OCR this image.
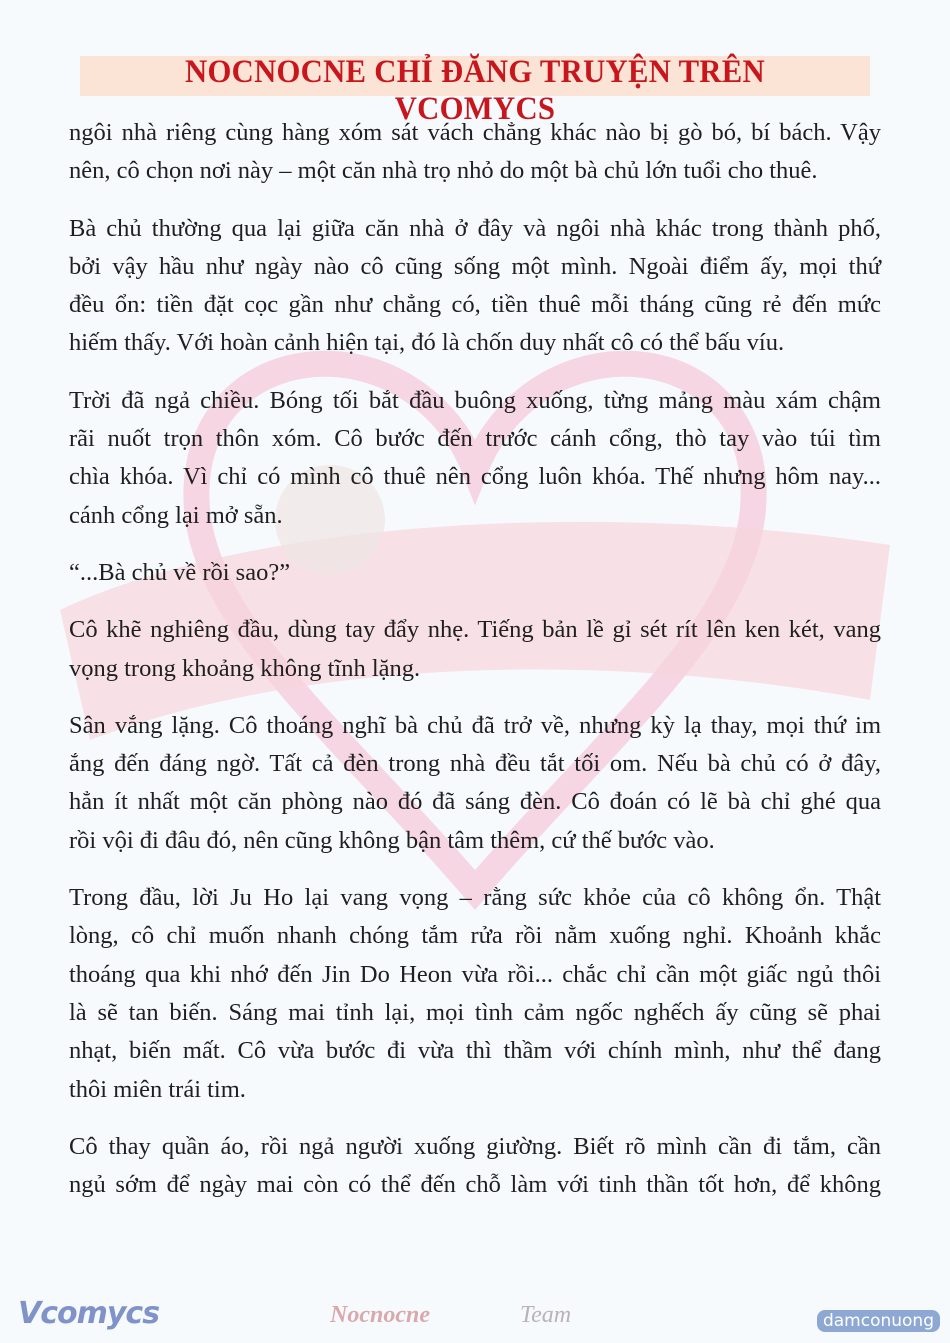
NOCNOCNE CHỈ ĐĂNG TRUYỆN TRÊN VCOMYCS
ngôi nhà riêng cùng hàng xóm sát vách chẳng khác nào bị gò bó, bí bách. Vậy
nên, cô chọn nơi này – một căn nhà trọ nhỏ do một bà chủ lớn tuổi cho thuê.
Bà chủ thường qua lại giữa căn nhà ở đây và ngôi nhà khác trong thành phố,
bởi vậy hầu như ngày nào cô cũng sống một mình. Ngoài điểm ấy, mọi thứ
đều ổn: tiền đặt cọc gần như chẳng có, tiền thuê mỗi tháng cũng rẻ đến mức
hiếm thấy. Với hoàn cảnh hiện tại, đó là chốn duy nhất cô có thể bấu víu.
Trời đã ngả chiều. Bóng tối bắt đầu buông xuống, từng mảng màu xám chậm
rãi nuốt trọn thôn xóm. Cô bước đến trước cánh cổng, thò tay vào túi tìm
chìa khóa. Vì chỉ có mình cô thuê nên cổng luôn khóa. Thế nhưng hôm nay...
cánh cổng lại mở sẵn.
“...Bà chủ về rồi sao?”
Cô khẽ nghiêng đầu, dùng tay đẩy nhẹ. Tiếng bản lề gỉ sét rít lên ken két, vang
vọng trong khoảng không tĩnh lặng.
Sân vắng lặng. Cô thoáng nghĩ bà chủ đã trở về, nhưng kỳ lạ thay, mọi thứ im
ắng đến đáng ngờ. Tất cả đèn trong nhà đều tắt tối om. Nếu bà chủ có ở đây,
hẳn ít nhất một căn phòng nào đó đã sáng đèn. Cô đoán có lẽ bà chỉ ghé qua
rồi vội đi đâu đó, nên cũng không bận tâm thêm, cứ thế bước vào.
Trong đầu, lời Ju Ho lại vang vọng – rằng sức khỏe của cô không ổn. Thật
lòng, cô chỉ muốn nhanh chóng tắm rửa rồi nằm xuống nghỉ. Khoảnh khắc
thoáng qua khi nhớ đến Jin Do Heon vừa rồi... chắc chỉ cần một giấc ngủ thôi
là sẽ tan biến. Sáng mai tỉnh lại, mọi tình cảm ngốc nghếch ấy cũng sẽ phai
nhạt, biến mất. Cô vừa bước đi vừa thì thầm với chính mình, như thể đang
thôi miên trái tim.
Cô thay quần áo, rồi ngả người xuống giường. Biết rõ mình cần đi tắm, cần
ngủ sớm để ngày mai còn có thể đến chỗ làm với tinh thần tốt hơn, để không
Nocnocne	Team
Vcomycs	damconuong
